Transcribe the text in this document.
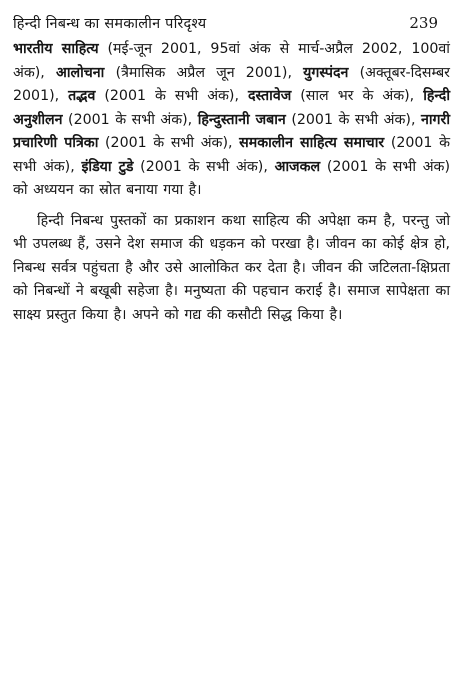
हिन्दी निबन्ध का समकालीन परिदृश्य	239

भारतीय साहित्य (मई-जून 2001, 95वां अंक से मार्च-अप्रैल 2002, 100वां अंक), आलोचना (त्रैमासिक अप्रैल जून 2001), युगस्पंदन (अक्तूबर-दिसम्बर 2001), तद्भव (2001 के सभी अंक), दस्तावेज (साल भर के अंक), हिन्दी अनुशीलन (2001 के सभी अंक), हिन्दुस्तानी जबान (2001 के सभी अंक), नागरी प्रचारिणी पत्रिका (2001 के सभी अंक), समकालीन साहित्य समाचार (2001 के सभी अंक), इंडिया टुडे (2001 के सभी अंक), आजकल (2001 के सभी अंक) को अध्ययन का स्रोत बनाया गया है।

हिन्दी निबन्ध पुस्तकों का प्रकाशन कथा साहित्य की अपेक्षा कम है, परन्तु जो भी उपलब्ध हैं, उसने देश समाज की धड़कन को परखा है। जीवन का कोई क्षेत्र हो, निबन्ध सर्वत्र पहुंचता है और उसे आलोकित कर देता है। जीवन की जटिलता-क्षिप्रता को निबन्धों ने बखूबी सहेजा है। मनुष्यता की पहचान कराई है। समाज सापेक्षता का साक्ष्य प्रस्तुत किया है। अपने को गद्य की कसौटी सिद्ध किया है।
